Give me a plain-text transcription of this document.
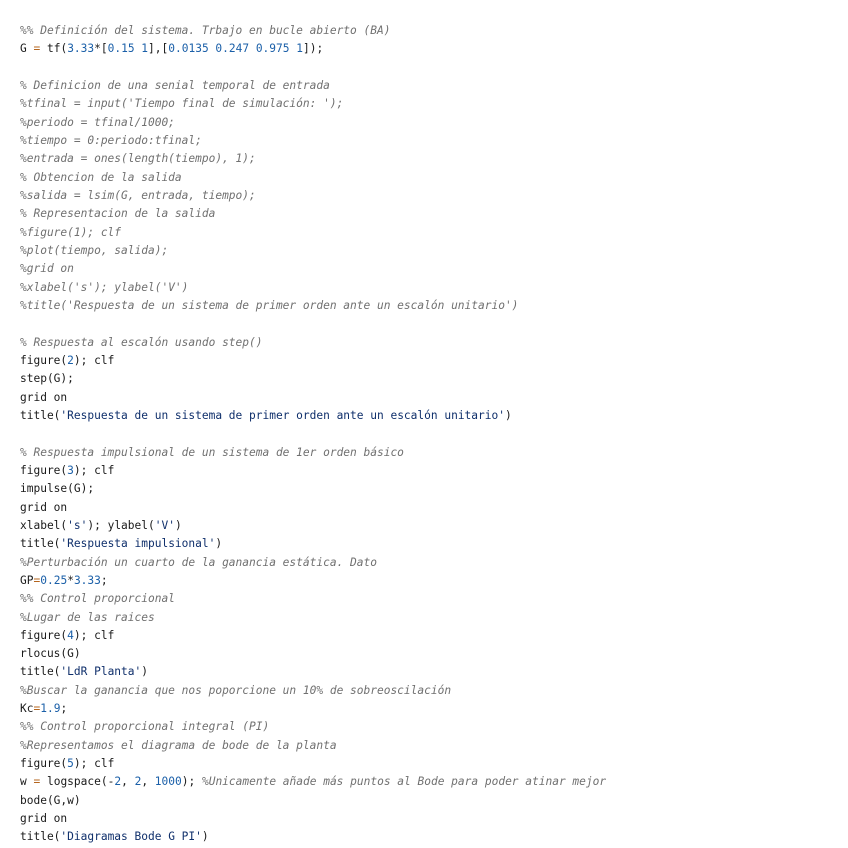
%% Definición del sistema. Trbajo en bucle abierto (BA)
G = tf(3.33*[0.15 1],[0.0135 0.247 0.975 1]);
% Definicion de una senial temporal de entrada
%tfinal = input('Tiempo final de simulación: ');
%periodo = tfinal/1000;
%tiempo = 0:periodo:tfinal;
%entrada = ones(length(tiempo), 1);
% Obtencion de la salida
%salida = lsim(G, entrada, tiempo);
% Representacion de la salida
%figure(1); clf
%plot(tiempo, salida);
%grid on
%xlabel('s'); ylabel('V')
%title('Respuesta de un sistema de primer orden ante un escalón unitario')
% Respuesta al escalón usando step()
figure(2); clf
step(G);
grid on
title('Respuesta de un sistema de primer orden ante un escalón unitario')
% Respuesta impulsional de un sistema de 1er orden básico
figure(3); clf
impulse(G);
grid on
xlabel('s'); ylabel('V')
title('Respuesta impulsional')
%Perturbación un cuarto de la ganancia estática. Dato
GP=0.25*3.33;
%% Control proporcional
%Lugar de las raices
figure(4); clf
rlocus(G)
title('LdR Planta')
%Buscar la ganancia que nos poporcione un 10% de sobreoscilación
Kc=1.9;
%% Control proporcional integral (PI)
%Representamos el diagrama de bode de la planta
figure(5); clf
w = logspace(-2, 2, 1000); %Unicamente añade más puntos al Bode para poder atinar mejor
bode(G,w)
grid on
title('Diagramas Bode G PI')
